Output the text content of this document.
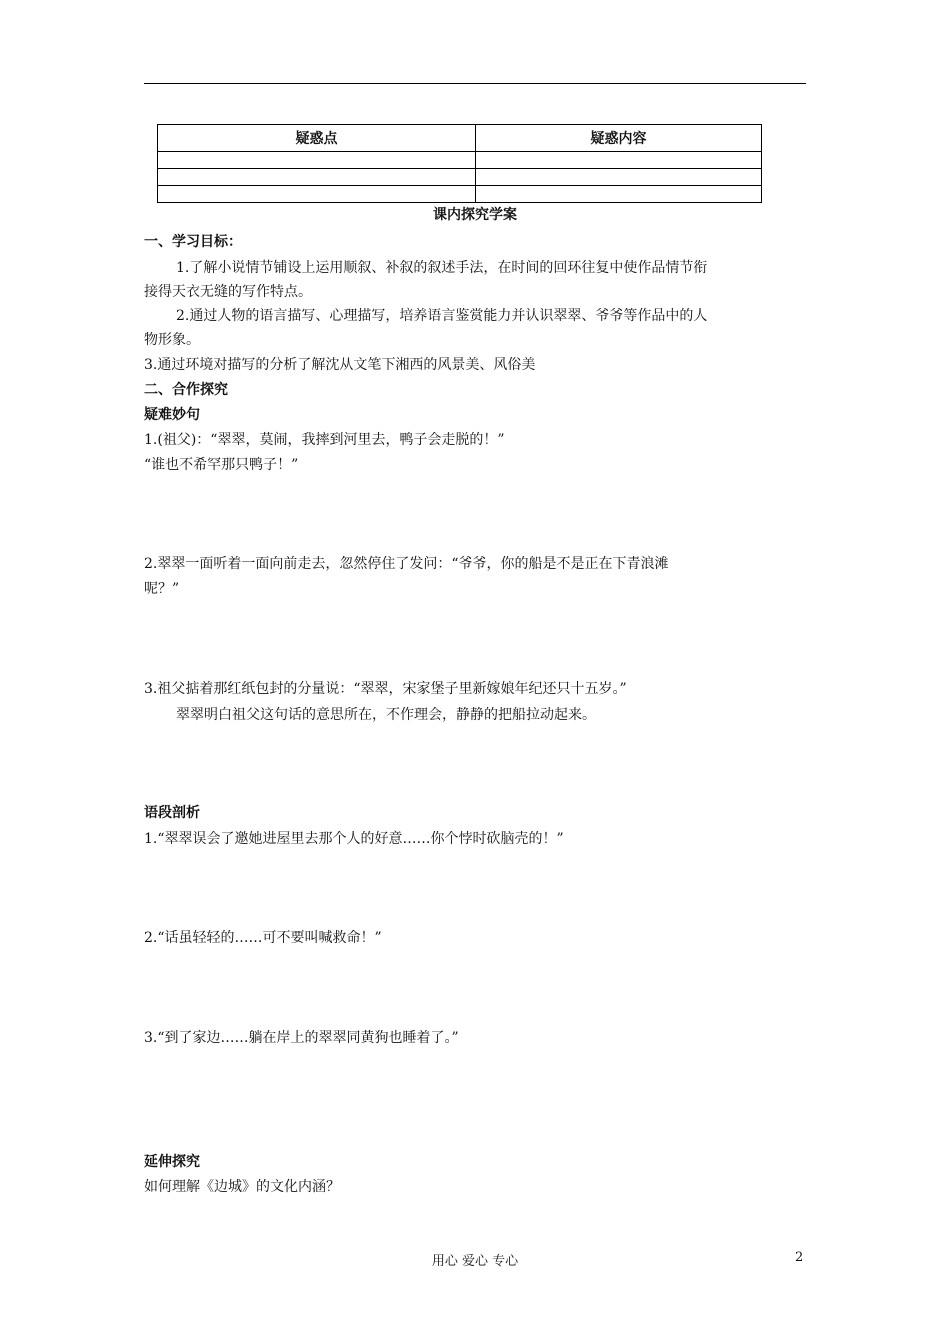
疑惑点	疑惑内容

课内探究学案
一、学习目标：
1.了解小说情节铺设上运用顺叙、补叙的叙述手法，在时间的回环往复中使作品情节衔
接得天衣无缝的写作特点。
2.通过人物的语言描写、心理描写，培养语言鉴赏能力并认识翠翠、爷爷等作品中的人
物形象。
3.通过环境对描写的分析了解沈从文笔下湘西的风景美、风俗美
二、合作探究
疑难妙句
1.(祖父)：“翠翠，莫闹，我摔到河里去，鸭子会走脱的！”
“谁也不希罕那只鸭子！”
2.翠翠一面听着一面向前走去，忽然停住了发问：“爷爷，你的船是不是正在下青浪滩
呢？”
3.祖父掂着那红纸包封的分量说：“翠翠，宋家堡子里新嫁娘年纪还只十五岁。”
翠翠明白祖父这句话的意思所在，不作理会，静静的把船拉动起来。
语段剖析
1.“翠翠误会了邀她进屋里去那个人的好意……你个悖时砍脑壳的！”
2.“话虽轻轻的……可不要叫喊救命！”
3.“到了家边……躺在岸上的翠翠同黄狗也睡着了。”
延伸探究
如何理解《边城》的文化内涵？
用心 爱心 专心	2
